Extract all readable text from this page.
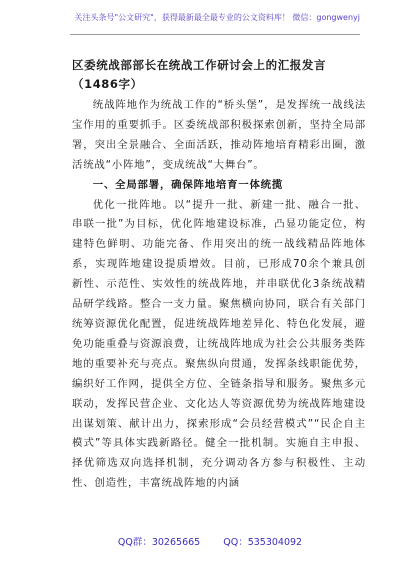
关注头条号"公文研究"，获得最新最全最专业的公文资料库！ 微信：gongwenyj
区委统战部部长在统战工作研讨会上的汇报发言（1486字）

统战阵地作为统战工作的“桥头堡”，是发挥统一战线法宝作用的重要抓手。区委统战部积极探索创新，坚持全局部署，突出全景融合、全面活跃，推动阵地培育精彩出圈，激活统战“小阵地”，变成统战“大舞台”。

一、全局部署，确保阵地培育一体统揽

优化一批阵地。以“提升一批、新建一批、融合一批、串联一批”为目标，优化阵地建设标准，凸显功能定位，构建特色鲜明、功能完备、作用突出的统一战线精品阵地体系，实现阵地建设提质增效。目前，已形成70余个兼具创新性、示范性、实效性的统战阵地，并串联优化3条统战精品研学线路。整合一支力量。聚焦横向协同，联合有关部门统筹资源优化配置，促进统战阵地差异化、特色化发展，避免功能重叠与资源浪费，让统战阵地成为社会公共服务类阵地的重要补充与亮点。聚焦纵向贯通，发挥条线职能优势，编织好工作网，提供全方位、全链条指导和服务。聚焦多元联动，发挥民营企业、文化达人等资源优势为统战阵地建设出谋划策、献计出力，探索形成“会员经营模式”“民企自主模式”等具体实践新路径。健全一批机制。实施自主申报、择优筛选双向选择机制，充分调动各方参与积极性、主动性、创造性，丰富统战阵地的内涵

QQ群：30265665 QQ：535304092
